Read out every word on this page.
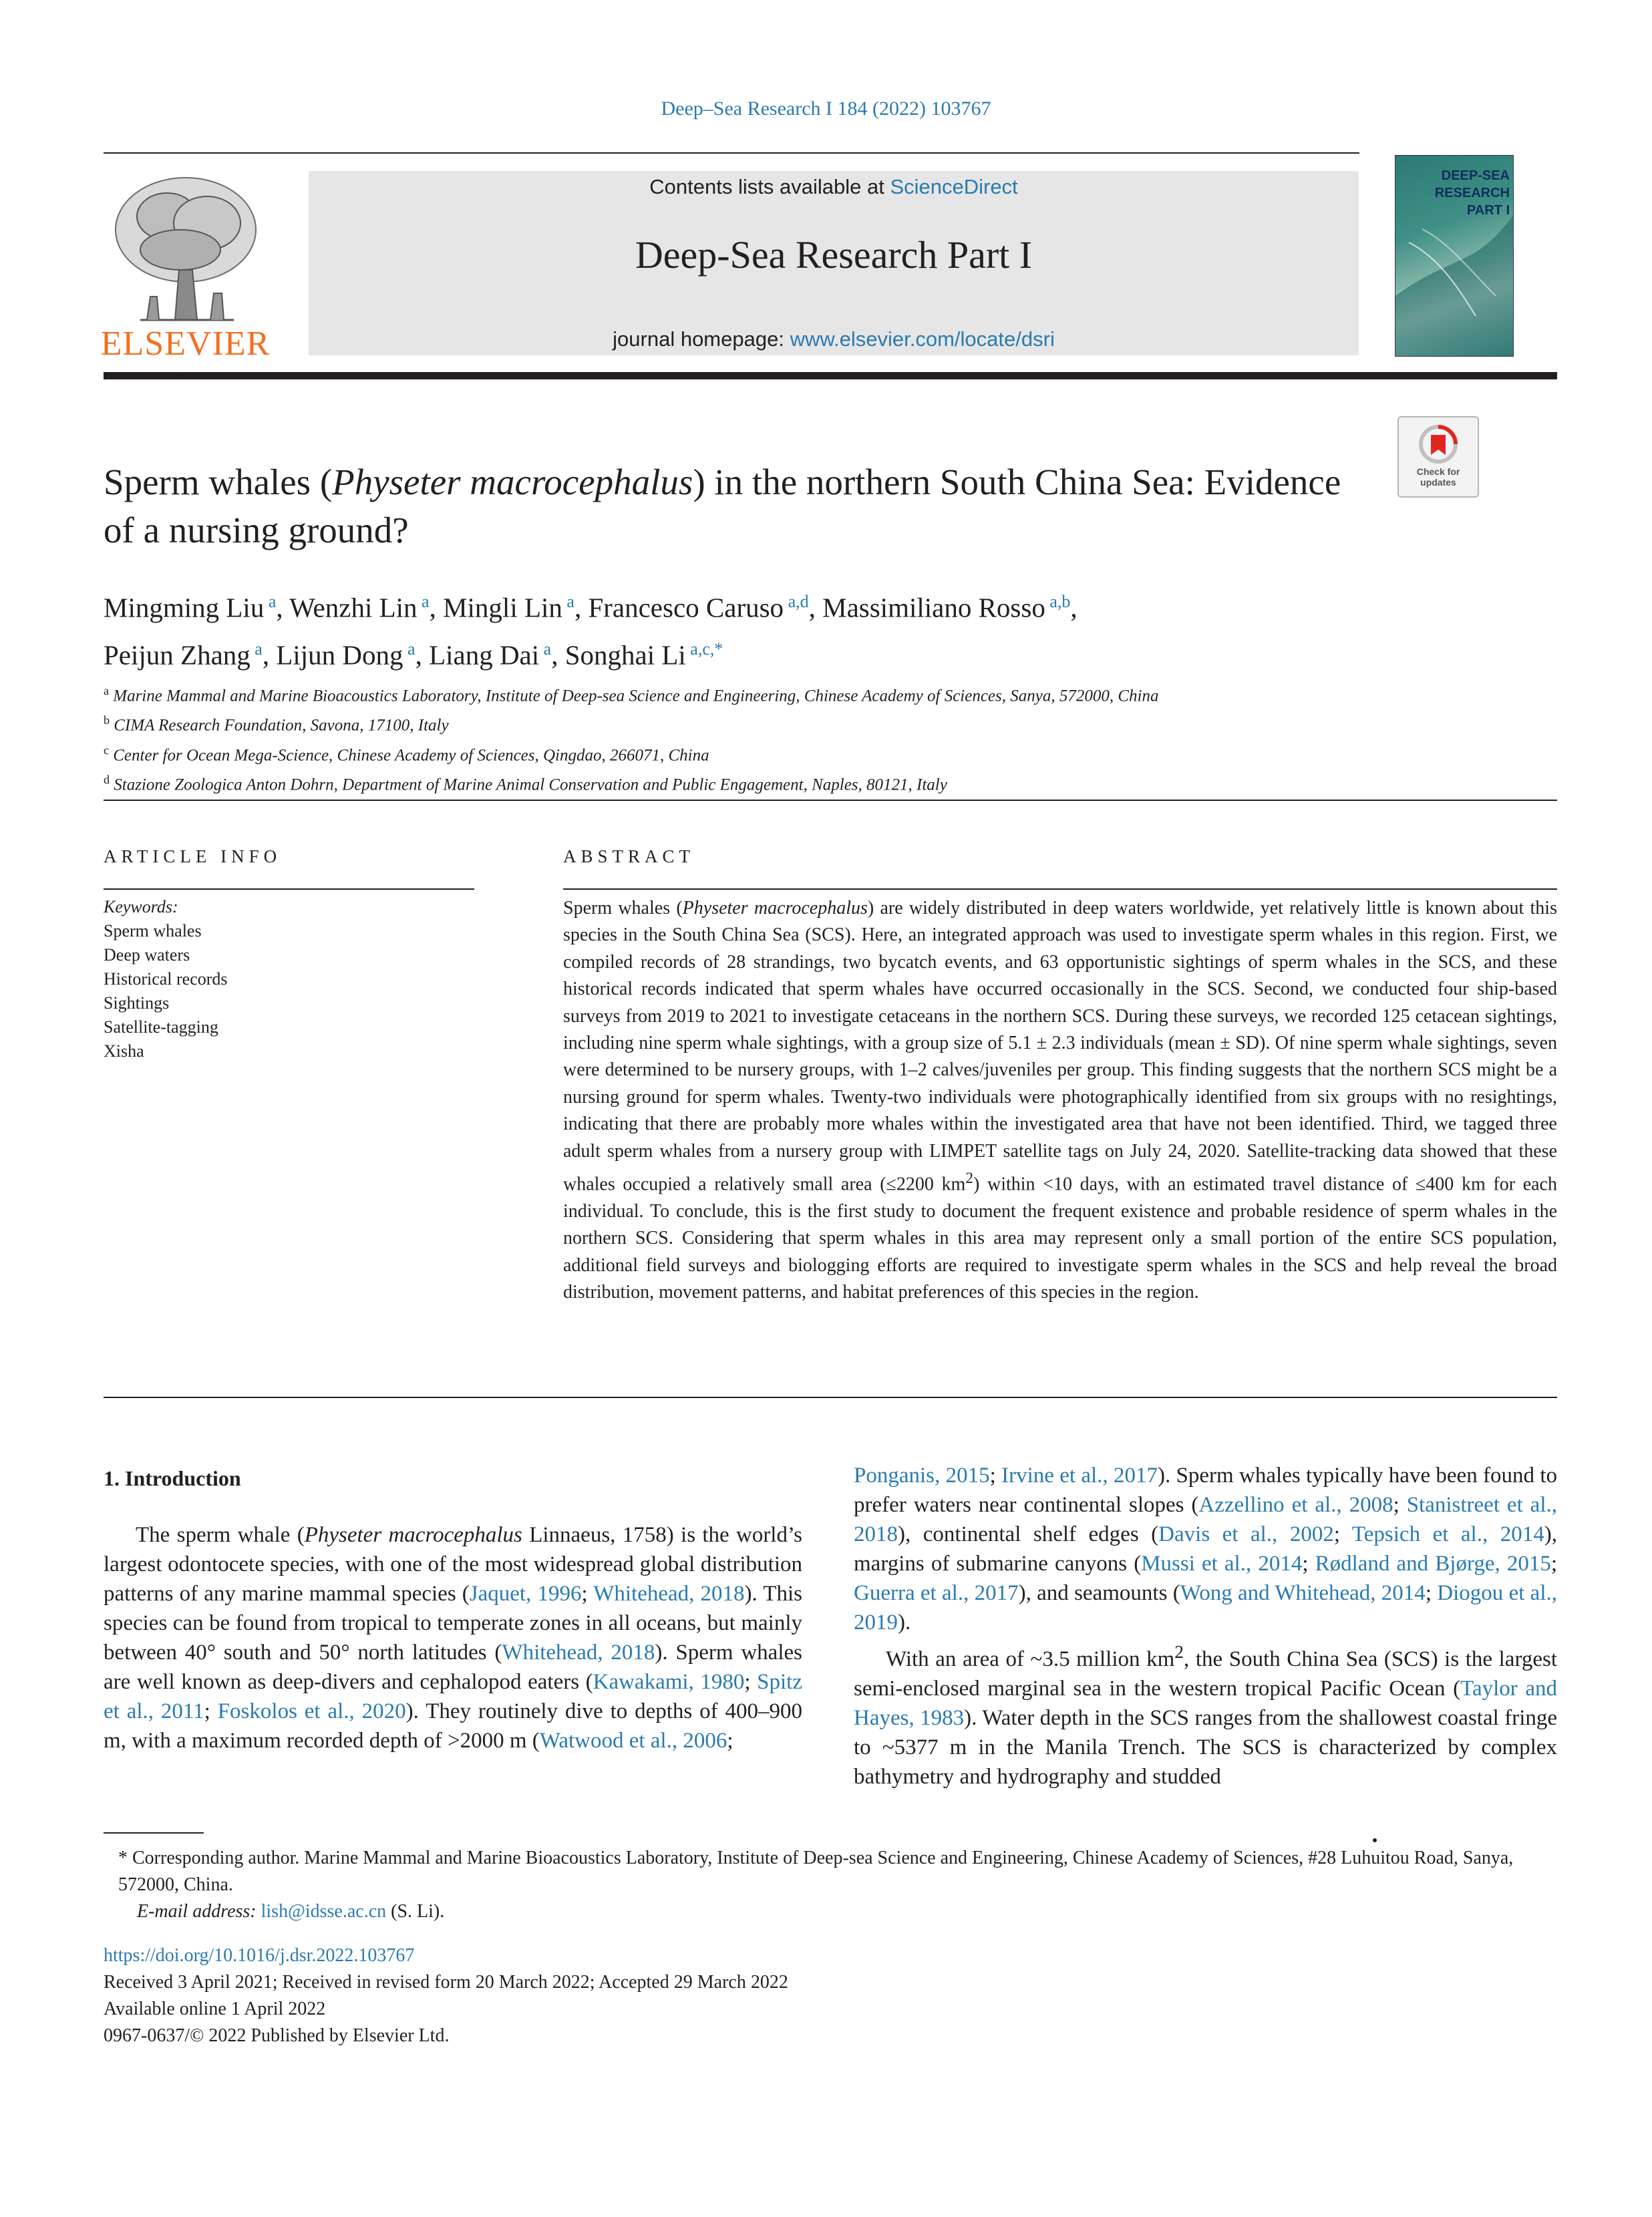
Deep–Sea Research I 184 (2022) 103767
ELSEVIER
Contents lists available at ScienceDirect
Deep-Sea Research Part I
journal homepage: www.elsevier.com/locate/dsri
DEEP-SEA RESEARCH PART I
Check for
updates
Sperm whales (Physeter macrocephalus) in the northern South China Sea: Evidence of a nursing ground?
Mingming Liu $^a$, Wenzhi Lin $^a$, Mingli Lin $^a$, Francesco Caruso $^{a,d}$, Massimiliano Rosso $^{a,b}$,
Peijun Zhang $^a$, Lijun Dong $^a$, Liang Dai $^a$, Songhai Li $^{a,c,*}$
$^a$ Marine Mammal and Marine Bioacoustics Laboratory, Institute of Deep-sea Science and Engineering, Chinese Academy of Sciences, Sanya, 572000, China
$^b$ CIMA Research Foundation, Savona, 17100, Italy
$^c$ Center for Ocean Mega-Science, Chinese Academy of Sciences, Qingdao, 266071, China
$^d$ Stazione Zoologica Anton Dohrn, Department of Marine Animal Conservation and Public Engagement, Naples, 80121, Italy
ARTICLE INFO	ABSTRACT
Keywords:
Sperm whales
Deep waters
Historical records
Sightings
Satellite-tagging
Xisha
Sperm whales (Physeter macrocephalus) are widely distributed in deep waters worldwide, yet relatively little is known about this species in the South China Sea (SCS). Here, an integrated approach was used to investigate sperm whales in this region. First, we compiled records of 28 strandings, two bycatch events, and 63 opportunistic sightings of sperm whales in the SCS, and these historical records indicated that sperm whales have occurred occasionally in the SCS. Second, we conducted four ship-based surveys from 2019 to 2021 to investigate cetaceans in the northern SCS. During these surveys, we recorded 125 cetacean sightings, including nine sperm whale sightings, with a group size of 5.1 ± 2.3 individuals (mean ± SD). Of nine sperm whale sightings, seven were determined to be nursery groups, with 1–2 calves/juveniles per group. This finding suggests that the northern SCS might be a nursing ground for sperm whales. Twenty-two individuals were photographically identified from six groups with no resightings, indicating that there are probably more whales within the investigated area that have not been identified. Third, we tagged three adult sperm whales from a nursery group with LIMPET satellite tags on July 24, 2020. Satellite-tracking data showed that these whales occupied a relatively small area (≤2200 $km^2$) within <10 days, with an estimated travel distance of ≤400 km for each individual. To conclude, this is the first study to document the frequent existence and probable residence of sperm whales in the northern SCS. Considering that sperm whales in this area may represent only a small portion of the entire SCS population, additional field surveys and biologging efforts are required to investigate sperm whales in the SCS and help reveal the broad distribution, movement patterns, and habitat preferences of this species in the region.
1. Introduction
The sperm whale (Physeter macrocephalus Linnaeus, 1758) is the world’s largest odontocete species, with one of the most widespread global distribution patterns of any marine mammal species (Jaquet, 1996; Whitehead, 2018). This species can be found from tropical to temperate zones in all oceans, but mainly between 40° south and 50° north latitudes (Whitehead, 2018). Sperm whales are well known as deep-divers and cephalopod eaters (Kawakami, 1980; Spitz et al., 2011; Foskolos et al., 2020). They routinely dive to depths of 400–900 m, with a maximum recorded depth of >2000 m (Watwood et al., 2006;

Ponganis, 2015; Irvine et al., 2017). Sperm whales typically have been found to prefer waters near continental slopes (Azzellino et al., 2008; Stanistreet et al., 2018), continental shelf edges (Davis et al., 2002; Tepsich et al., 2014), margins of submarine canyons (Mussi et al., 2014; Rødland and Bjørge, 2015; Guerra et al., 2017), and seamounts (Wong and Whitehead, 2014; Diogou et al., 2019).

With an area of ~3.5 million $km^2$, the South China Sea (SCS) is the largest semi-enclosed marginal sea in the western tropical Pacific Ocean (Taylor and Hayes, 1983). Water depth in the SCS ranges from the shallowest coastal fringe to ~5377 m in the Manila Trench. The SCS is characterized by complex bathymetry and hydrography and studded

* Corresponding author. Marine Mammal and Marine Bioacoustics Laboratory, Institute of Deep-sea Science and Engineering, Chinese Academy of Sciences, #28 Luhuitou Road, Sanya, 572000, China.
E-mail address: lish@idsse.ac.cn (S. Li).
https://doi.org/10.1016/j.dsr.2022.103767
Received 3 April 2021; Received in revised form 20 March 2022; Accepted 29 March 2022
Available online 1 April 2022
0967-0637/© 2022 Published by Elsevier Ltd.
